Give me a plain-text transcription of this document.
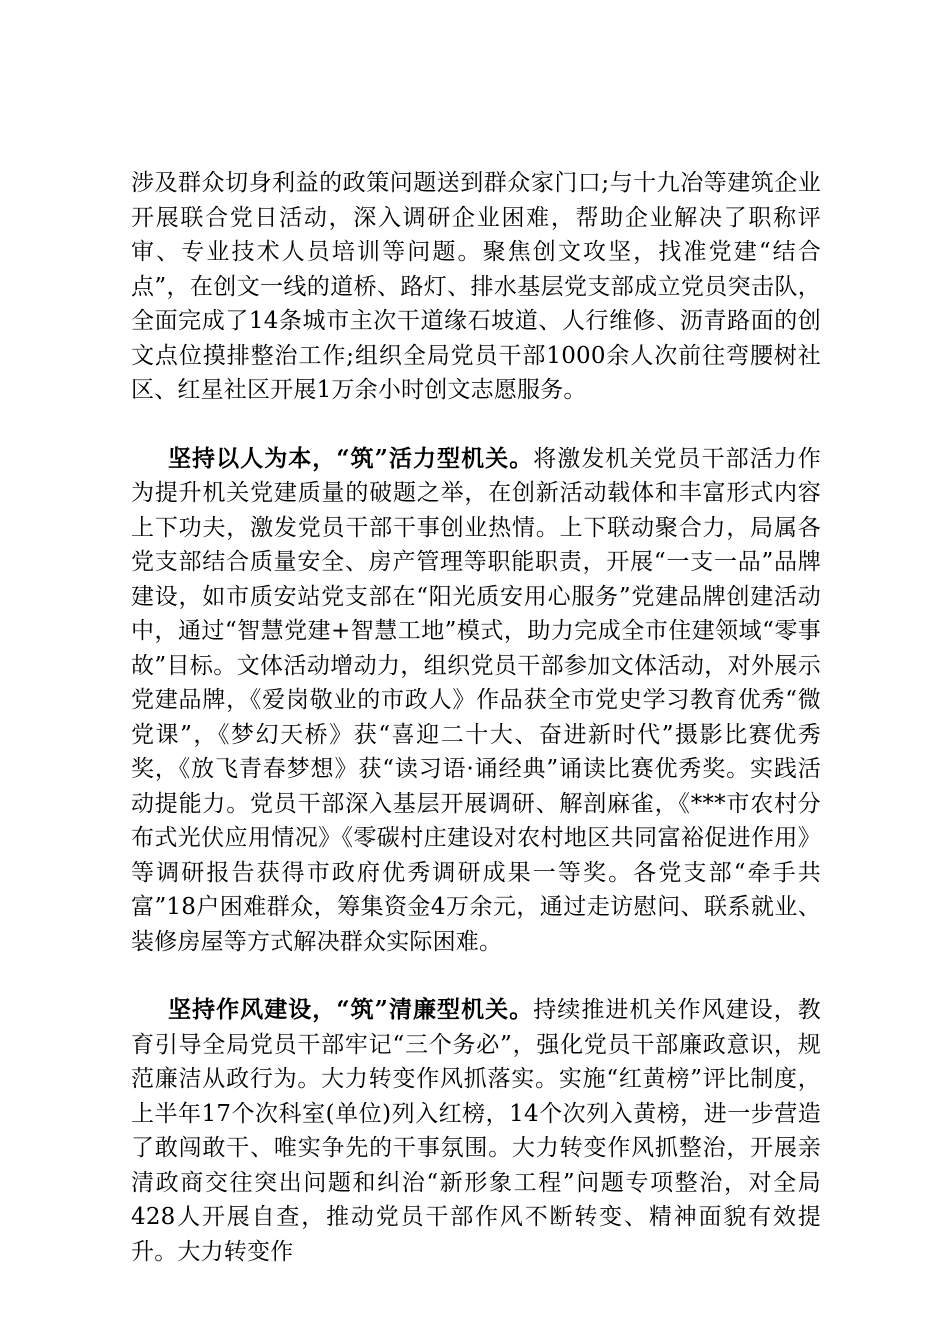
涉及群众切身利益的政策问题送到群众家门口;与十九冶等建筑企业开展联合党日活动，深入调研企业困难，帮助企业解决了职称评审、专业技术人员培训等问题。聚焦创文攻坚，找准党建“结合点”，在创文一线的道桥、路灯、排水基层党支部成立党员突击队，全面完成了14条城市主次干道缘石坡道、人行维修、沥青路面的创文点位摸排整治工作;组织全局党员干部1000余人次前往弯腰树社区、红星社区开展1万余小时创文志愿服务。

坚持以人为本，“筑”活力型机关。将激发机关党员干部活力作为提升机关党建质量的破题之举，在创新活动载体和丰富形式内容上下功夫，激发党员干部干事创业热情。上下联动聚合力，局属各党支部结合质量安全、房产管理等职能职责，开展“一支一品”品牌建设，如市质安站党支部在“阳光质安用心服务”党建品牌创建活动中，通过“智慧党建+智慧工地”模式，助力完成全市住建领域“零事故”目标。文体活动增动力，组织党员干部参加文体活动，对外展示党建品牌，《爱岗敬业的市政人》作品获全市党史学习教育优秀“微党课”，《梦幻天桥》获“喜迎二十大、奋进新时代”摄影比赛优秀奖，《放飞青春梦想》获“读习语·诵经典”诵读比赛优秀奖。实践活动提能力。党员干部深入基层开展调研、解剖麻雀，《***市农村分布式光伏应用情况》《零碳村庄建设对农村地区共同富裕促进作用》等调研报告获得市政府优秀调研成果一等奖。各党支部“牵手共富”18户困难群众，筹集资金4万余元，通过走访慰问、联系就业、装修房屋等方式解决群众实际困难。

坚持作风建设，“筑”清廉型机关。持续推进机关作风建设，教育引导全局党员干部牢记“三个务必”，强化党员干部廉政意识，规范廉洁从政行为。大力转变作风抓落实。实施“红黄榜”评比制度，上半年17个次科室(单位)列入红榜，14个次列入黄榜，进一步营造了敢闯敢干、唯实争先的干事氛围。大力转变作风抓整治，开展亲清政商交往突出问题和纠治“新形象工程”问题专项整治，对全局428人开展自查，推动党员干部作风不断转变、精神面貌有效提升。大力转变作
